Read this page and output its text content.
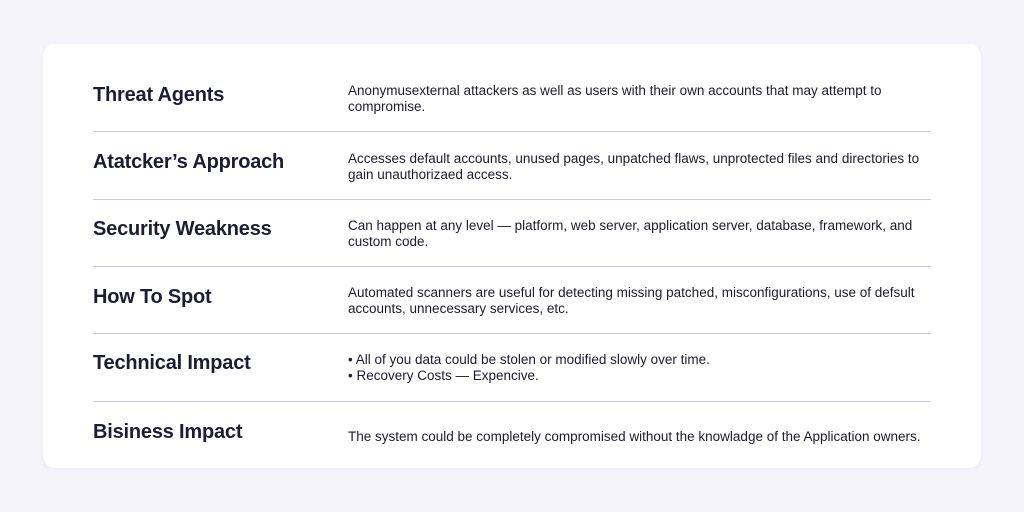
Threat Agents	Anonymusexternal attackers as well as users with their own accounts that may attempt to
compromise.
Atatcker’s Approach	Accesses default accounts, unused pages, unpatched flaws, unprotected files and directories to
gain unauthorizaed access.
Security Weakness	Can happen at any level — platform, web server, application server, database, framework, and
custom code.
How To Spot	Automated scanners are useful for detecting missing patched, misconfigurations, use of defsult
accounts, unnecessary services, etc.
Technical Impact	• All of you data could be stolen or modified slowly over time.
• Recovery Costs — Expencive.
Bisiness Impact	The system could be completely compromised without the knowladge of the Application owners.
